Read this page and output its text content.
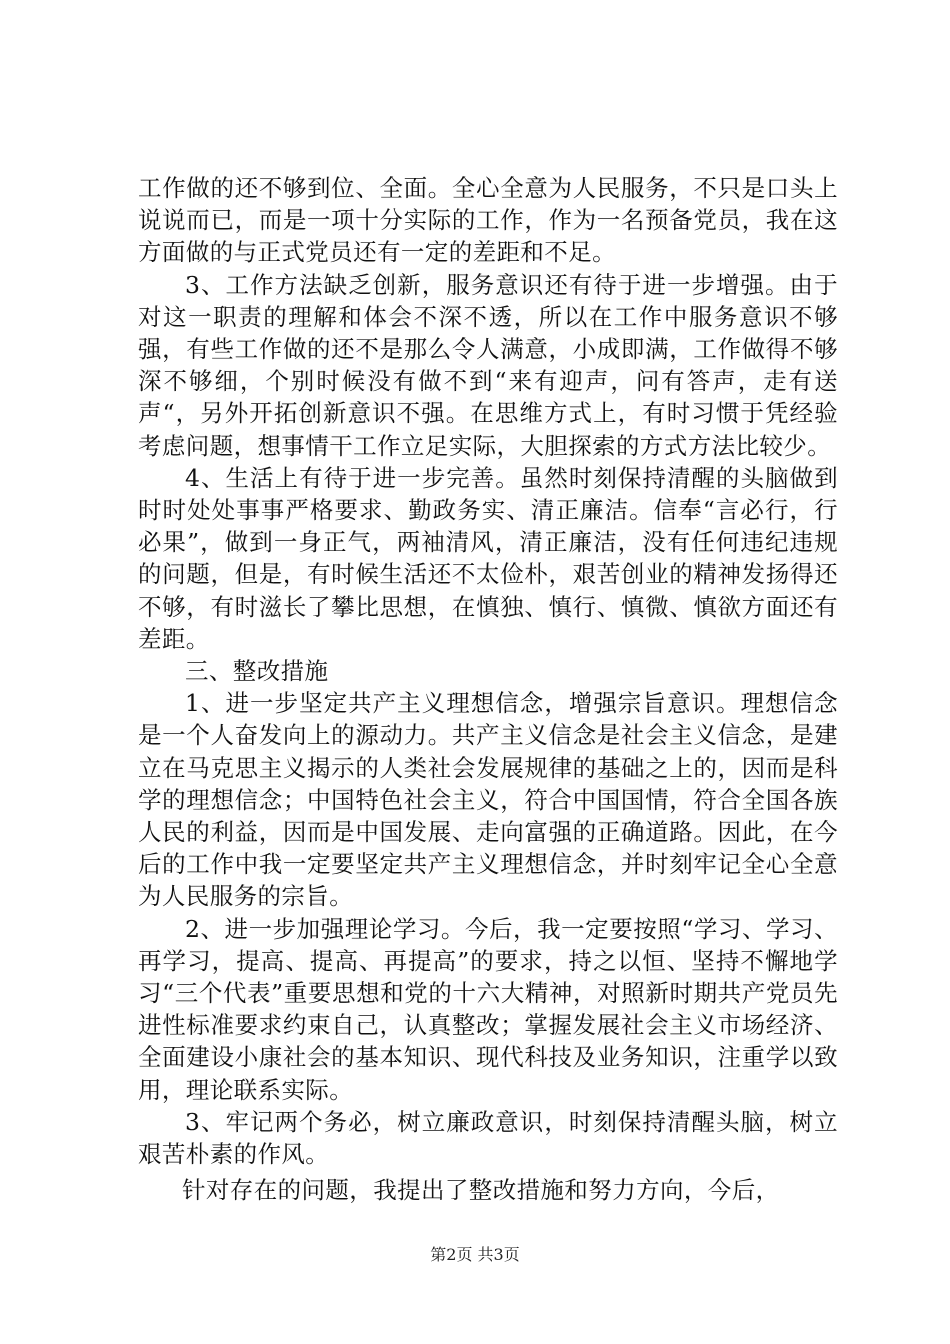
工作做的还不够到位、全面。全心全意为人民服务，不只是口头上说说而已，而是一项十分实际的工作，作为一名预备党员，我在这方面做的与正式党员还有一定的差距和不足。

3、工作方法缺乏创新，服务意识还有待于进一步增强。由于对这一职责的理解和体会不深不透，所以在工作中服务意识不够强，有些工作做的还不是那么令人满意，小成即满，工作做得不够深不够细，个别时候没有做不到“来有迎声，问有答声，走有送声“，另外开拓创新意识不强。在思维方式上，有时习惯于凭经验考虑问题，想事情干工作立足实际，大胆探索的方式方法比较少。

4、生活上有待于进一步完善。虽然时刻保持清醒的头脑做到时时处处事事严格要求、勤政务实、清正廉洁。信奉“言必行，行必果”，做到一身正气，两袖清风，清正廉洁，没有任何违纪违规的问题，但是，有时候生活还不太俭朴，艰苦创业的精神发扬得还不够，有时滋长了攀比思想，在慎独、慎行、慎微、慎欲方面还有差距。

三、整改措施

1、进一步坚定共产主义理想信念，增强宗旨意识。理想信念是一个人奋发向上的源动力。共产主义信念是社会主义信念，是建立在马克思主义揭示的人类社会发展规律的基础之上的，因而是科学的理想信念；中国特色社会主义，符合中国国情，符合全国各族人民的利益，因而是中国发展、走向富强的正确道路。因此，在今后的工作中我一定要坚定共产主义理想信念，并时刻牢记全心全意为人民服务的宗旨。

2、进一步加强理论学习。今后，我一定要按照“学习、学习、再学习，提高、提高、再提高”的要求，持之以恒、坚持不懈地学习“三个代表”重要思想和党的十六大精神，对照新时期共产党员先进性标准要求约束自己，认真整改；掌握发展社会主义市场经济、全面建设小康社会的基本知识、现代科技及业务知识，注重学以致用，理论联系实际。

3、牢记两个务必，树立廉政意识，时刻保持清醒头脑，树立艰苦朴素的作风。

针对存在的问题，我提出了整改措施和努力方向，今后，

第2页 共3页
